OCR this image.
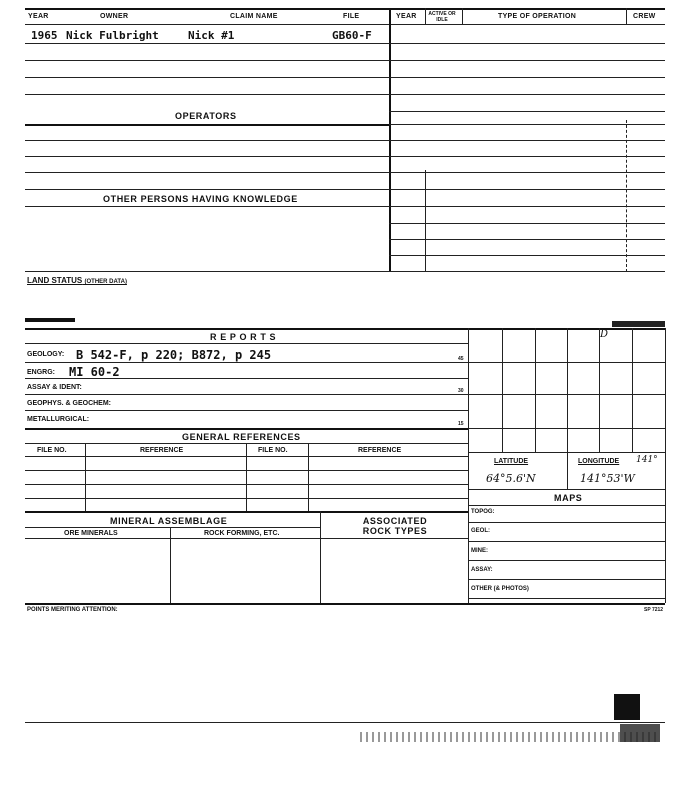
YEAR	OWNER	CLAIM NAME	FILE	YEAR ACTIVE OR IDLE	TYPE OF OPERATION	CREW
1965 Nick Fulbright	Nick #1	GB60-F
OPERATORS
OTHER PERSONS HAVING KNOWLEDGE
LAND STATUS (OTHER DATA)
R E P O R T S
GEOLOGY: B 542-F, p 220; B872, p 245	45
ENGRG: MI 60-2
ASSAY & IDENT:	30
GEOPHYS. & GEOCHEM:
METALLURGICAL:
15
GENERAL REFERENCES
FILE NO.	REFERENCE	FILE NO.	REFERENCE
D
LATITUDE	LONGITUDE 141°
64°5.6'N	141°53'W
MAPS
TOPOG:
GEOL:
MINE:
ASSAY:
OTHER (& PHOTOS)
MINERAL ASSEMBLAGE
ORE MINERALS	ROCK FORMING, ETC.
ASSOCIATED ROCK TYPES
POINTS MERITING ATTENTION:	SP 7212
